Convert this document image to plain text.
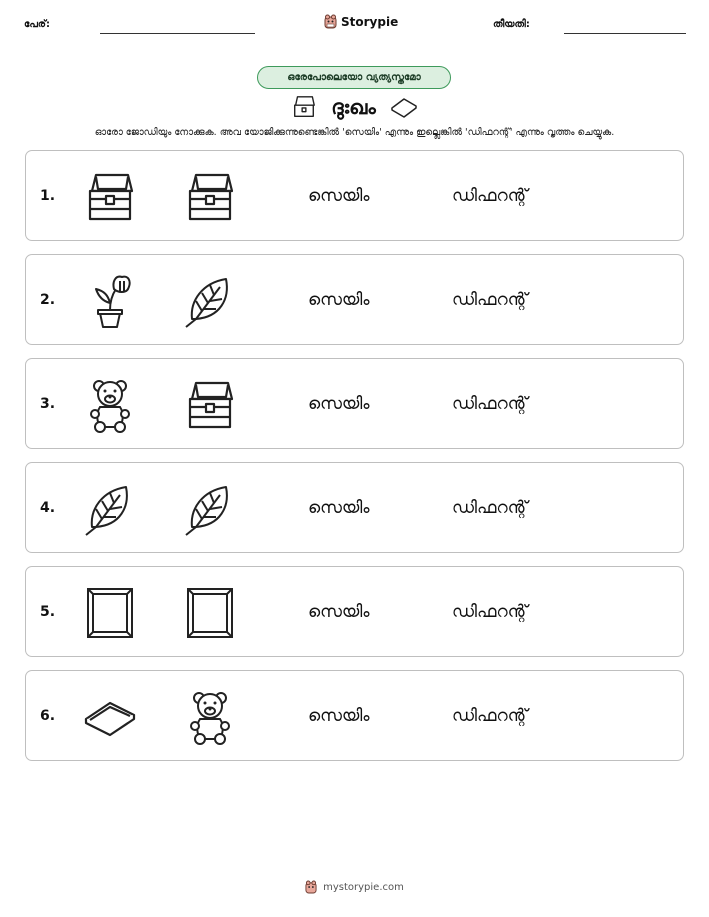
പേര്:	Storypie	തീയതി:
ഒരേപോലെയോ വ്യത്യസ്തമോ
ദുഃഖം
ഓരോ ജോഡിയും നോക്കുക. അവ യോജിക്കുന്നുണ്ടെങ്കിൽ 'സെയിം' എന്നും ഇല്ലെങ്കിൽ 'ഡിഫറന്റ്' എന്നും വൃത്തം ചെയ്യുക.
1.	സെയിം	ഡിഫറന്റ്
2.	സെയിം	ഡിഫറന്റ്
3.	സെയിം	ഡിഫറന്റ്
4.	സെയിം	ഡിഫറന്റ്
5.	സെയിം	ഡിഫറന്റ്
6.	സെയിം	ഡിഫറന്റ്
mystorypie.com
